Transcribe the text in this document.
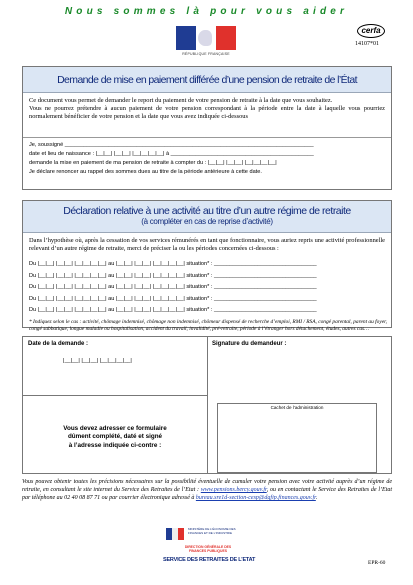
Nous sommes là pour vous aider
RÉPUBLIQUE FRANÇAISE
cerfa
14107*01
Demande de mise en paiement différée d’une pension de retraite de l’État
Ce document vous permet de demander le report du paiement de votre pension de retraite à la date que vous souhaitez.
Vous ne pourrez prétendre à aucun paiement de votre pension correspondant à la période entre la date à laquelle vous pourriez normalement bénéficier de votre pension et la date que vous avez indiquée ci-dessous
Je, soussigné ________________________________________________________________________________
date et lieu de naissance : |__|__| |__|__| |__|__|__|__| à ______________________________________________
demande la mise en paiement de ma pension de retraite à compter du : |__|__| |__|__| |__|__|__|__|
Je déclare renoncer au rappel des sommes dues au titre de la période antérieure à cette date.
Déclaration relative à une activité au titre d’un autre régime de retraite
(à compléter en cas de reprise d’activité)
Dans l’hypothèse où, après la cessation de vos services rémunérés en tant que fonctionnaire, vous auriez repris une activité professionnelle relevant d’un autre régime de retraite, merci de préciser la ou les périodes concernées ci-dessous :
Du |__|__| |__|__| |__|__|__|__| au |__|__| |__|__| |__|__|__|__| situation* : _________________________________
Du |__|__| |__|__| |__|__|__|__| au |__|__| |__|__| |__|__|__|__| situation* : _________________________________
Du |__|__| |__|__| |__|__|__|__| au |__|__| |__|__| |__|__|__|__| situation* : _________________________________
Du |__|__| |__|__| |__|__|__|__| au |__|__| |__|__| |__|__|__|__| situation* : _________________________________
Du |__|__| |__|__| |__|__|__|__| au |__|__| |__|__| |__|__|__|__| situation* : _________________________________
* Indiquez selon le cas : activité, chômage indemnisé, chômage non indemnisé, chômeur dispensé de recherche d’emploi, RMI / RSA, congé parental, parent au foyer, congé sabbatique, longue maladie ou hospitalisation, accident du travail, invalidité, pré-retraite, période à l’étranger hors détachement, études, autres cas…
Date de la demande :
|__|__| |__|__| |__|__|__|__|
Signature du demandeur :
Cachet de l’administration
Vous devez adresser ce formulaire
dûment complété, daté et signé
à l’adresse indiquée ci-contre :
Vous pouvez obtenir toutes les précisions nécessaires sur la possibilité éventuelle de cumuler votre pension avec votre activité auprès d’un régime de retraite, en consultant le site internet du Service des Retraites de l’Etat : www.pensions.bercy.gouv.fr, ou en contactant le Service des Retraites de l’Etat par téléphone au 02 40 08 87 71 ou par courrier électronique adressé à bureau.sre1d-section-cesp@dgfip.finances.gouv.fr.
MINISTÈRE DE L’ÉCONOMIE DES FINANCES ET DE L’INDUSTRIE
DIRECTION GÉNÉRALE DES FINANCES PUBLIQUES
SERVICE DES RETRAITES DE L’ETAT	EPR-60
